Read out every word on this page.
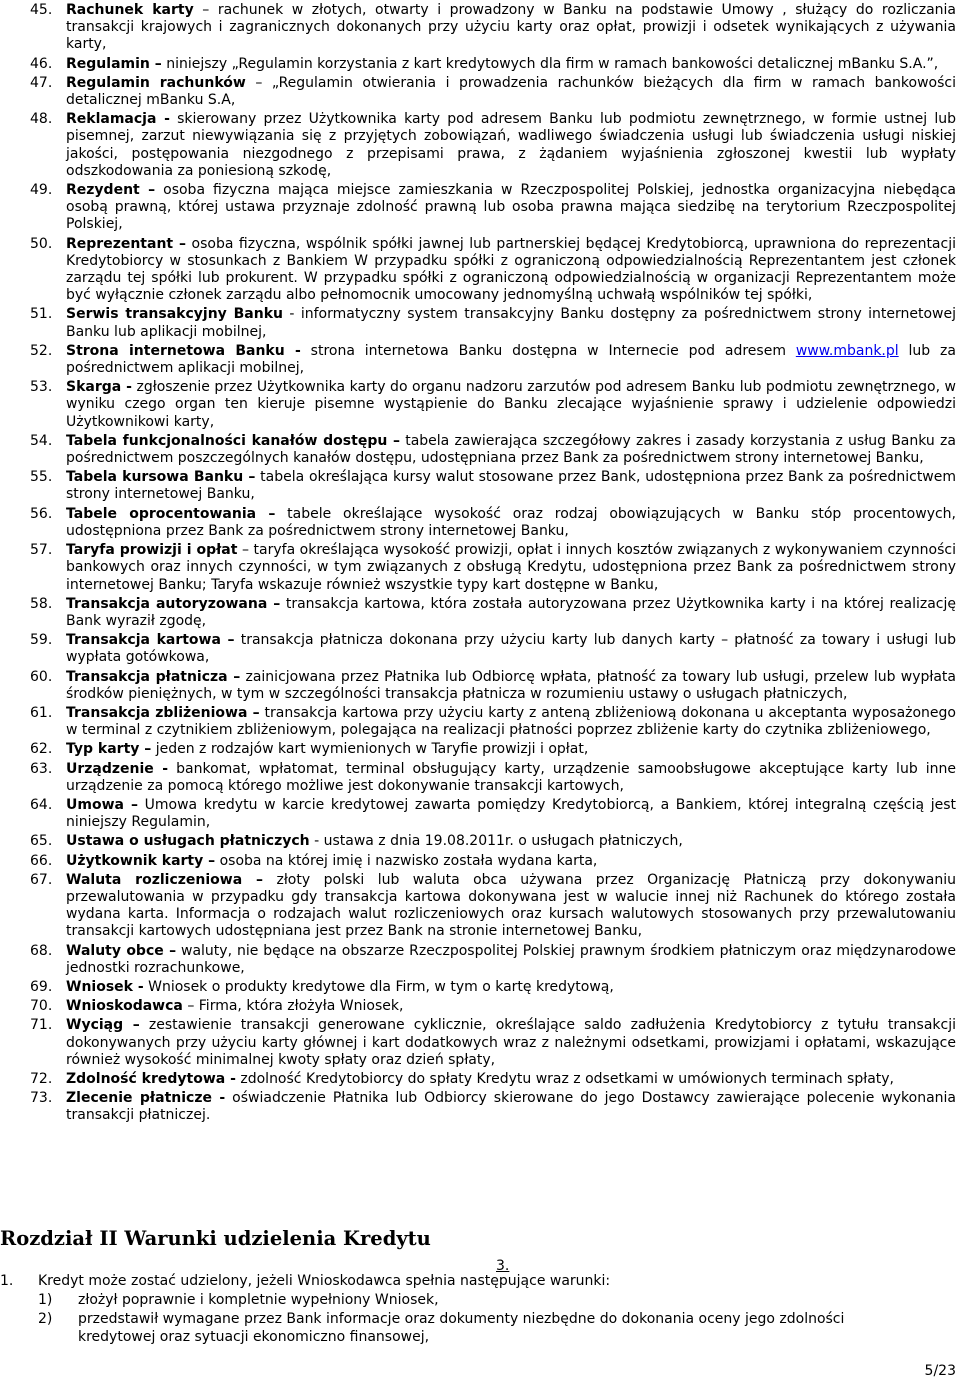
45. Rachunek karty – rachunek w złotych, otwarty i prowadzony w Banku na podstawie Umowy , służący do rozliczania transakcji krajowych i zagranicznych dokonanych przy użyciu karty oraz opłat, prowizji i odsetek wynikających z używania karty,
46. Regulamin – niniejszy „Regulamin korzystania z kart kredytowych dla firm w ramach bankowości detalicznej mBanku S.A.”,
47. Regulamin rachunków – „Regulamin otwierania i prowadzenia rachunków bieżących dla firm w ramach bankowości detalicznej mBanku S.A,
48. Reklamacja - skierowany przez Użytkownika karty pod adresem Banku lub podmiotu zewnętrznego, w formie ustnej lub pisemnej, zarzut niewywiązania się z przyjętych zobowiązań, wadliwego świadczenia usługi lub świadczenia usługi niskiej jakości, postępowania niezgodnego z przepisami prawa, z żądaniem wyjaśnienia zgłoszonej kwestii lub wypłaty odszkodowania za poniesioną szkodę,
49. Rezydent – osoba fizyczna mająca miejsce zamieszkania w Rzeczpospolitej Polskiej, jednostka organizacyjna niebędąca osobą prawną, której ustawa przyznaje zdolność prawną lub osoba prawna mająca siedzibę na terytorium Rzeczpospolitej Polskiej,
50. Reprezentant – osoba fizyczna, wspólnik spółki jawnej lub partnerskiej będącej Kredytobiorcą, uprawniona do reprezentacji Kredytobiorcy w stosunkach z Bankiem W przypadku spółki z ograniczoną odpowiedzialnością Reprezentantem jest członek zarządu tej spółki lub prokurent. W przypadku spółki z ograniczoną odpowiedzialnością w organizacji Reprezentantem może być wyłącznie członek zarządu albo pełnomocnik umocowany jednomyślną uchwałą wspólników tej spółki,
51. Serwis transakcyjny Banku - informatyczny system transakcyjny Banku dostępny za pośrednictwem strony internetowej Banku lub aplikacji mobilnej,
52. Strona internetowa Banku - strona internetowa Banku dostępna w Internecie pod adresem www.mbank.pl lub za pośrednictwem aplikacji mobilnej,
53. Skarga - zgłoszenie przez Użytkownika karty do organu nadzoru zarzutów pod adresem Banku lub podmiotu zewnętrznego, w wyniku czego organ ten kieruje pisemne wystąpienie do Banku zlecające wyjaśnienie sprawy i udzielenie odpowiedzi Użytkownikowi karty,
54. Tabela funkcjonalności kanałów dostępu – tabela zawierająca szczegółowy zakres i zasady korzystania z usług Banku za pośrednictwem poszczególnych kanałów dostępu, udostępniana przez Bank za pośrednictwem strony internetowej Banku,
55. Tabela kursowa Banku – tabela określająca kursy walut stosowane przez Bank, udostępniona przez Bank za pośrednictwem strony internetowej Banku,
56. Tabele oprocentowania – tabele określające wysokość oraz rodzaj obowiązujących w Banku stóp procentowych, udostępniona przez Bank za pośrednictwem strony internetowej Banku,
57. Taryfa prowizji i opłat – taryfa określająca wysokość prowizji, opłat i innych kosztów związanych z wykonywaniem czynności bankowych oraz innych czynności, w tym związanych z obsługą Kredytu, udostępniona przez Bank za pośrednictwem strony internetowej Banku; Taryfa wskazuje również wszystkie typy kart dostępne w Banku,
58. Transakcja autoryzowana – transakcja kartowa, która została autoryzowana przez Użytkownika karty i na której realizację Bank wyraził zgodę,
59. Transakcja kartowa – transakcja płatnicza dokonana przy użyciu karty lub danych karty – płatność za towary i usługi lub wypłata gotówkowa,
60. Transakcja płatnicza – zainicjowana przez Płatnika lub Odbiorcę wpłata, płatność za towary lub usługi, przelew lub wypłata środków pieniężnych, w tym w szczególności transakcja płatnicza w rozumieniu ustawy o usługach płatniczych,
61. Transakcja zbliżeniowa – transakcja kartowa przy użyciu karty z anteną zbliżeniową dokonana u akceptanta wyposażonego w terminal z czytnikiem zbliżeniowym, polegająca na realizacji płatności poprzez zbliżenie karty do czytnika zbliżeniowego,
62. Typ karty – jeden z rodzajów kart wymienionych w Taryfie prowizji i opłat,
63. Urządzenie - bankomat, wpłatomat, terminal obsługujący karty, urządzenie samoobsługowe akceptujące karty lub inne urządzenie za pomocą którego możliwe jest dokonywanie transakcji kartowych,
64. Umowa – Umowa kredytu w karcie kredytowej zawarta pomiędzy Kredytobiorcą, a Bankiem, której integralną częścią jest niniejszy Regulamin,
65. Ustawa o usługach płatniczych - ustawa z dnia 19.08.2011r. o usługach płatniczych,
66. Użytkownik karty – osoba na której imię i nazwisko została wydana karta,
67. Waluta rozliczeniowa – złoty polski lub waluta obca używana przez Organizację Płatniczą przy dokonywaniu przewalutowania w przypadku gdy transakcja kartowa dokonywana jest w walucie innej niż Rachunek do którego została wydana karta. Informacja o rodzajach walut rozliczeniowych oraz kursach walutowych stosowanych przy przewalutowaniu transakcji kartowych udostępniana jest przez Bank na stronie internetowej Banku,
68. Waluty obce – waluty, nie będące na obszarze Rzeczpospolitej Polskiej prawnym środkiem płatniczym oraz międzynarodowe jednostki rozrachunkowe,
69. Wniosek - Wniosek o produkty kredytowe dla Firm, w tym o kartę kredytową,
70. Wnioskodawca – Firma, która złożyła Wniosek,
71. Wyciąg – zestawienie transakcji generowane cyklicznie, określające saldo zadłużenia Kredytobiorcy z tytułu transakcji dokonywanych przy użyciu karty głównej i kart dodatkowych wraz z należnymi odsetkami, prowizjami i opłatami, wskazujące również wysokość minimalnej kwoty spłaty oraz dzień spłaty,
72. Zdolność kredytowa - zdolność Kredytobiorcy do spłaty Kredytu wraz z odsetkami w umówionych terminach spłaty,
73. Zlecenie płatnicze - oświadczenie Płatnika lub Odbiorcy skierowane do jego Dostawcy zawierające polecenie wykonania transakcji płatniczej.
Rozdział II Warunki udzielenia Kredytu
3.
1.	Kredyt może zostać udzielony, jeżeli Wnioskodawca spełnia następujące warunki:
1) złożył poprawnie i kompletnie wypełniony Wniosek,
2) przedstawił wymagane przez Bank informacje oraz dokumenty niezbędne do dokonania oceny jego zdolności kredytowej oraz sytuacji ekonomiczno finansowej,
5/23
